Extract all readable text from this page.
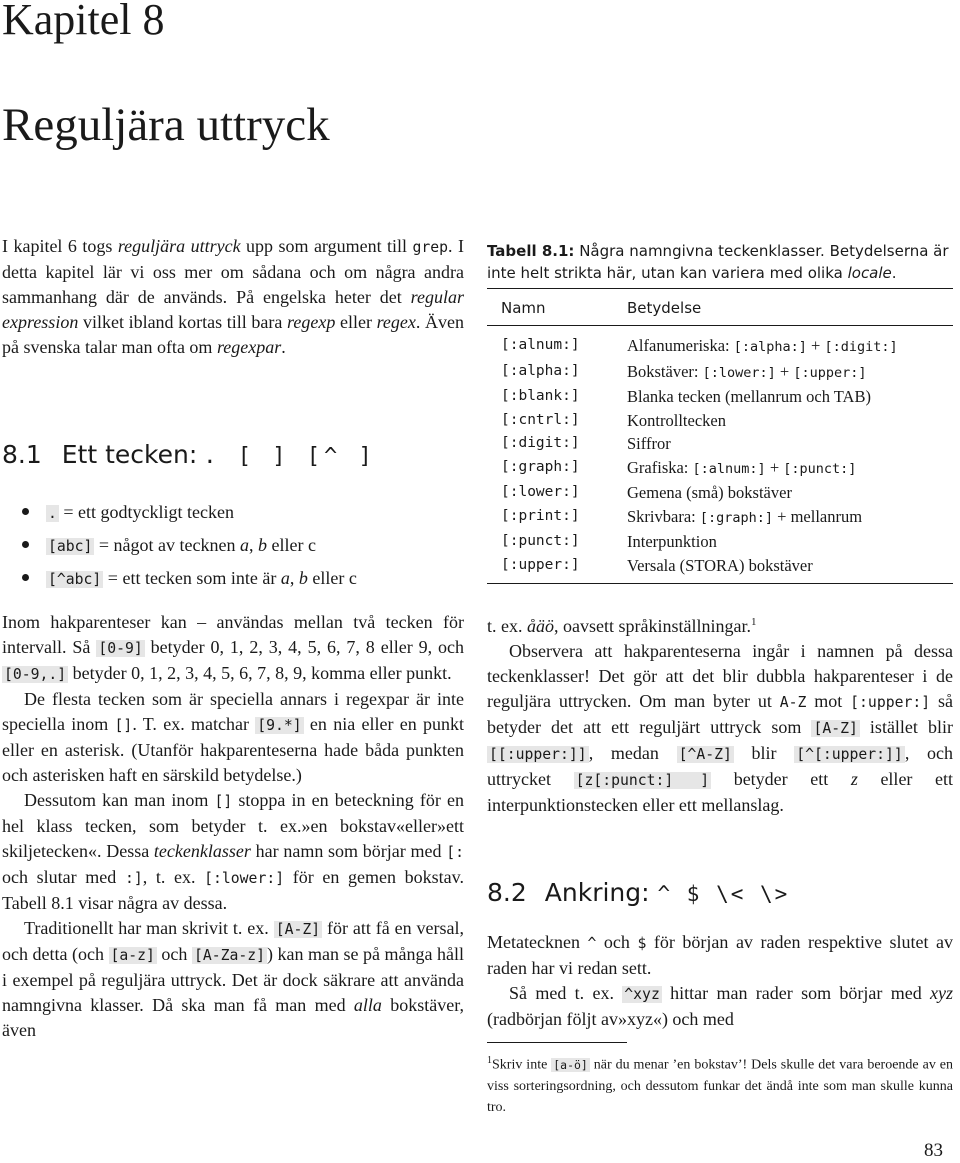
Kapitel 8
Reguljära uttryck

I kapitel 6 togs reguljära uttryck upp som argument till grep. I detta kapitel lär vi oss mer om sådana och om några andra sammanhang där de används. På engelska heter det regular expression vilket ibland kortas till bara regexp eller regex. Även på svenska talar man ofta om regexpar.

8.1 Ett tecken: . [ ] [^ ]
. = ett godtyckligt tecken
[abc] = något av tecknen a, b eller c
[^abc] = ett tecken som inte är a, b eller c

Inom hakparenteser kan – användas mellan två tecken för intervall. Så [0-9] betyder 0, 1, 2, 3, 4, 5, 6, 7, 8 eller 9, och [0-9,.] betyder 0, 1, 2, 3, 4, 5, 6, 7, 8, 9, komma eller punkt.

De flesta tecken som är speciella annars i regexpar är inte speciella inom []. T. ex. matchar [9.*] en nia eller en punkt eller en asterisk. (Utanför hakparenteserna hade båda punkten och asterisken haft en särskild betydelse.)

Dessutom kan man inom [] stoppa in en beteckning för en hel klass tecken, som betyder t. ex.»en bokstav«eller»ett skiljetecken«. Dessa teckenklasser har namn som börjar med [: och slutar med :], t. ex. [:lower:] för en gemen bokstav. Tabell 8.1 visar några av dessa.

Traditionellt har man skrivit t. ex. [A-Z] för att få en versal, och detta (och [a-z] och [A-Za-z] ) kan man se på många håll i exempel på reguljära uttryck. Det är dock säkrare att använda namngivna klasser. Då ska man få man med alla bokstäver, även

Tabell 8.1: Några namngivna teckenklasser. Betydelserna är inte helt strikta här, utan kan variera med olika locale.
Namn	Betydelse
[:alnum:]	Alfanumeriska: [:alpha:] + [:digit:]
[:alpha:]	Bokstäver: [:lower:] + [:upper:]
[:blank:]	Blanka tecken (mellanrum och TAB)
[:cntrl:]	Kontrolltecken
[:digit:]	Siffror
[:graph:]	Grafiska: [:alnum:] + [:punct:]
[:lower:]	Gemena (små) bokstäver
[:print:]	Skrivbara: [:graph:] + mellanrum
[:punct:]	Interpunktion
[:upper:]	Versala (STORA) bokstäver

t. ex. åäö, oavsett språkinställningar.$^1$

Observera att hakparenteserna ingår i namnen på dessa teckenklasser! Det gör att det blir dubbla hakparenteser i de reguljära uttrycken. Om man byter ut A-Z mot [:upper:] så betyder det att ett reguljärt uttryck som [A-Z] istället blir [[:upper:]] , medan [^A-Z] blir [^[:upper:]] , och uttrycket [z[:punct:] ] betyder ett z eller ett interpunktionstecken eller ett mellanslag.

8.2 Ankring: ^ $ \< \>

Metatecknen ^ och $ för början av raden respektive slutet av raden har vi redan sett.

Så med t. ex. ^xyz hittar man rader som börjar med xyz (radbörjan följt av»xyz«) och med

$^1$Skriv inte [a-ö] när du menar ’en bokstav’! Dels skulle det vara beroende av en viss sorteringsordning, och dessutom funkar det ändå inte som man skulle kunna tro.
83
